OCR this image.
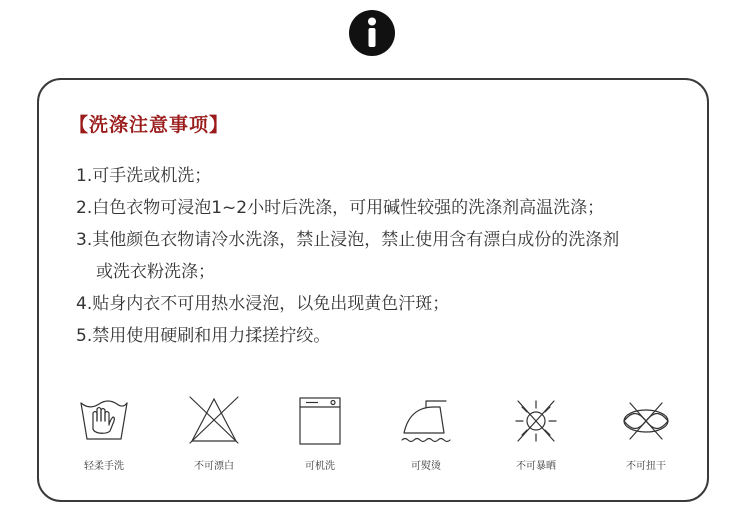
【洗涤注意事项】
1.可手洗或机洗；
2.白色衣物可浸泡1~2小时后洗涤，可用碱性较强的洗涤剂高温洗涤；
3.其他颜色衣物请冷水洗涤，禁止浸泡，禁止使用含有漂白成份的洗涤剂
或洗衣粉洗涤；
4.贴身内衣不可用热水浸泡，以免出现黄色汗斑；
5.禁用使用硬刷和用力揉搓拧绞。
轻柔手洗	不可漂白	可机洗	可熨烫	不可暴晒	不可扭干
